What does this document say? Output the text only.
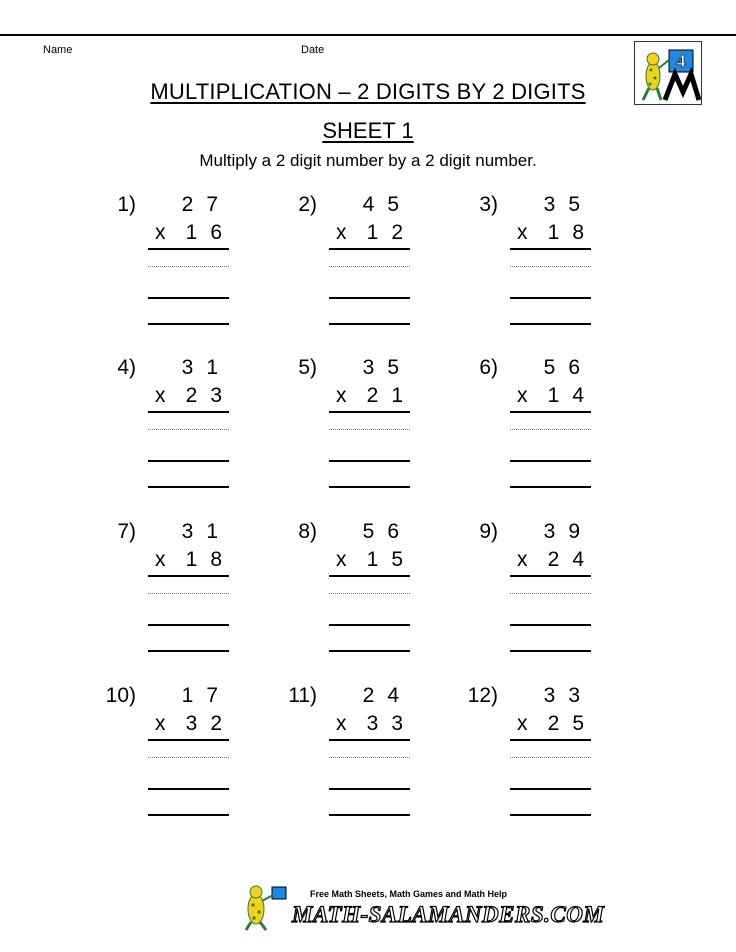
Name	Date
4
MULTIPLICATION – 2 DIGITS BY 2 DIGITS
SHEET 1
Multiply a 2 digit number by a 2 digit number.
1) 27
x 16
2) 45
x 12
3) 35
x 18
4) 31
x 23
5) 35
x 21
6) 56
x 14
7) 31
x 18
8) 56
x 15
9) 39
x 24
10) 17
x 32
11) 24
x 33
12) 33
x 25
Free Math Sheets, Math Games and Math Help
MATH-SALAMANDERS.COM
